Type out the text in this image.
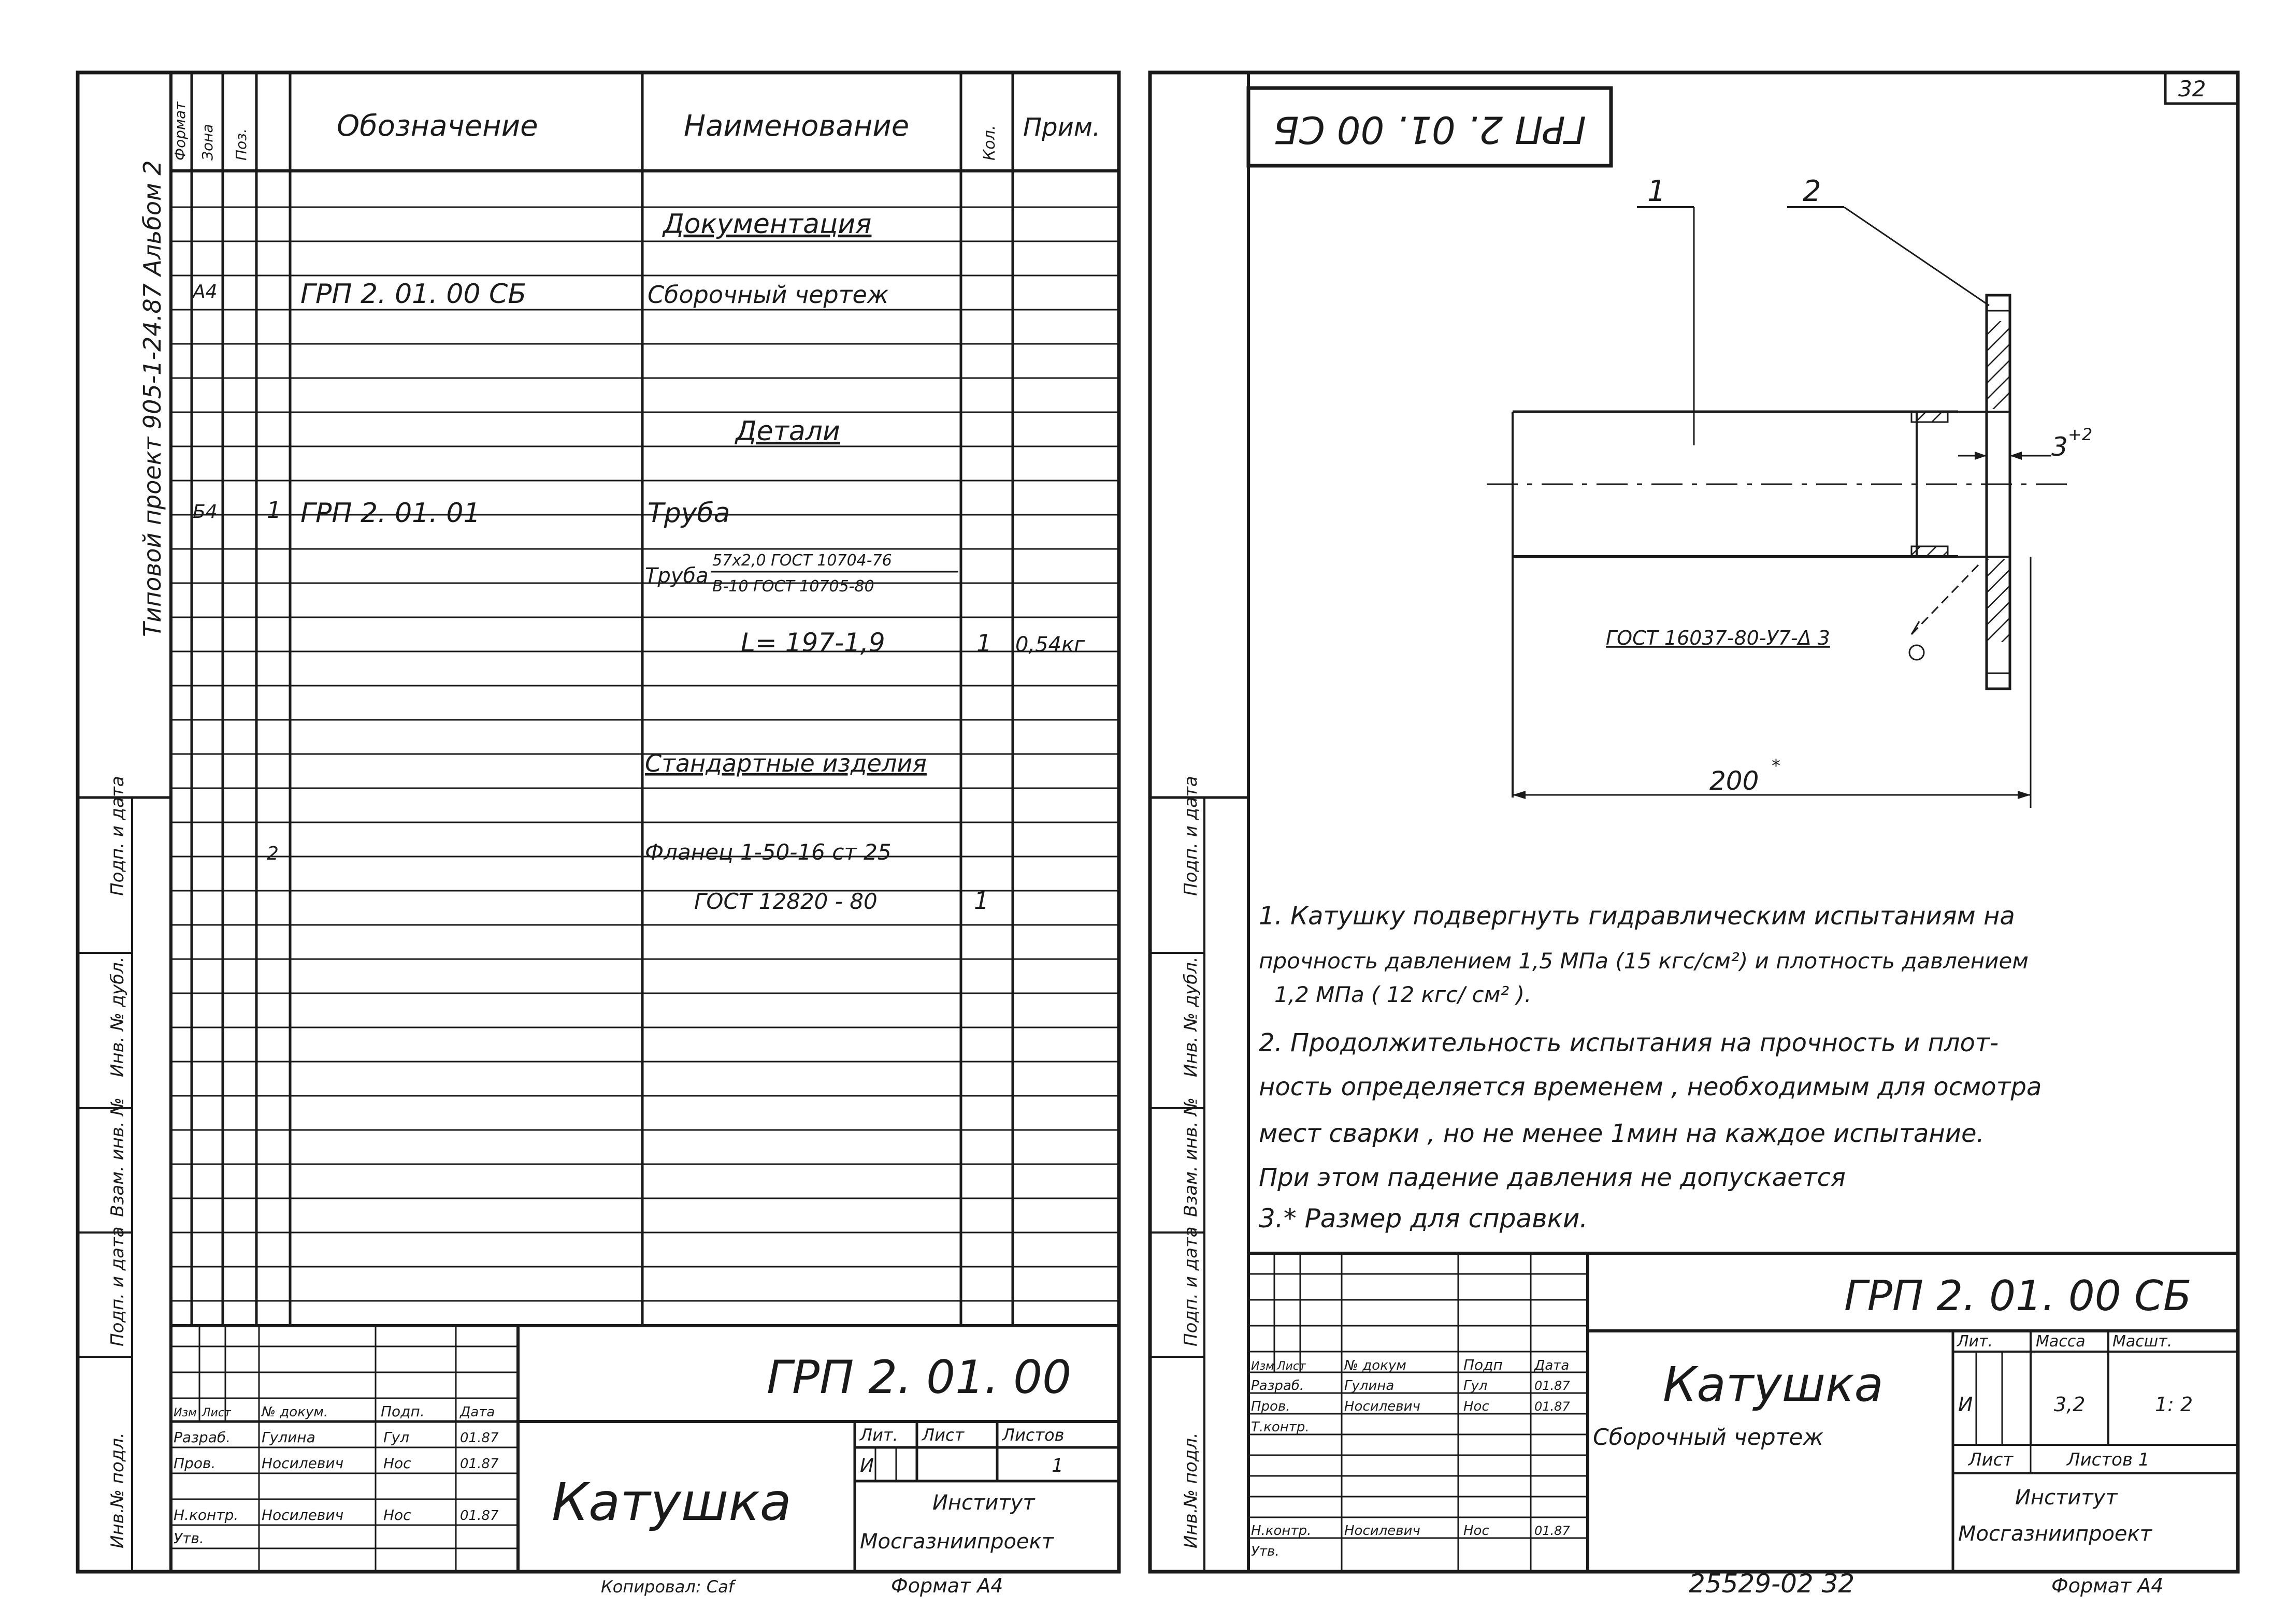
Типовой проект 905-1-24.87 Альбом 2
Подп. и дата
Инв. № дубл.
Взам. инв. №
Подп. и дата
Инв.№ подл.
Формат Зона Поз.
Обозначение	Наименование	Кол. Прим.
Документация
А4	ГРП 2. 01. 00 СБ	Сборочный чертеж
Детали
Б4 1 ГРП 2. 01. 01	Труба
Труба
57х2,0 ГОСТ 10704-76
В-10 ГОСТ 10705-80
L= 197-1,9	1 0,54кг
Стандартные изделия
2	Фланец 1-50-16 ст 25
ГОСТ 12820 - 80	1
Изм Лист № докум.	Подп.	Дата
Разраб. Гулина	Гул	01.87
Пров.	Носилевич	Нос	01.87
Н.контр. Носилевич	Нос	01.87
Утв.
ГРП 2. 01. 00
Катушка
Лит. Лист Листов
И	1
Институт
Мосгазниипроект
Копировал: Саf	Формат А4
Подп. и дата
Инв. № дубл.
Взам. инв. №
Подп. и дата
Инв.№ подл.
32
ГРП 2. 01. 00 СБ
1	2
3 +2
ГОСТ 16037-80-У7-Δ 3
200 *
1. Катушку подвергнуть гидравлическим испытаниям на
прочность давлением 1,5 МПа (15 кгс/см²) и плотность давлением
1,2 МПа ( 12 кгс/ см² ).
2. Продолжительность испытания на прочность и плот-
ность определяется временем , необходимым для осмотра
мест сварки , но не менее 1мин на каждое испытание.
При этом падение давления не допускается
3.* Размер для справки.
Изм Лист	№ докум	Подп Дата
Разраб.	Гулина	Гул	01.87
Пров.	Носилевич	Нос	01.87
Т.контр.
Н.контр. Носилевич	Нос	01.87
Утв.
ГРП 2. 01. 00 СБ
Катушка
Сборочный чертеж
Лит.	Масса Масшт.
И	3,2	1: 2
Лист	Листов 1
Институт
Мосгазниипроект
25529-02 32	Формат А4
